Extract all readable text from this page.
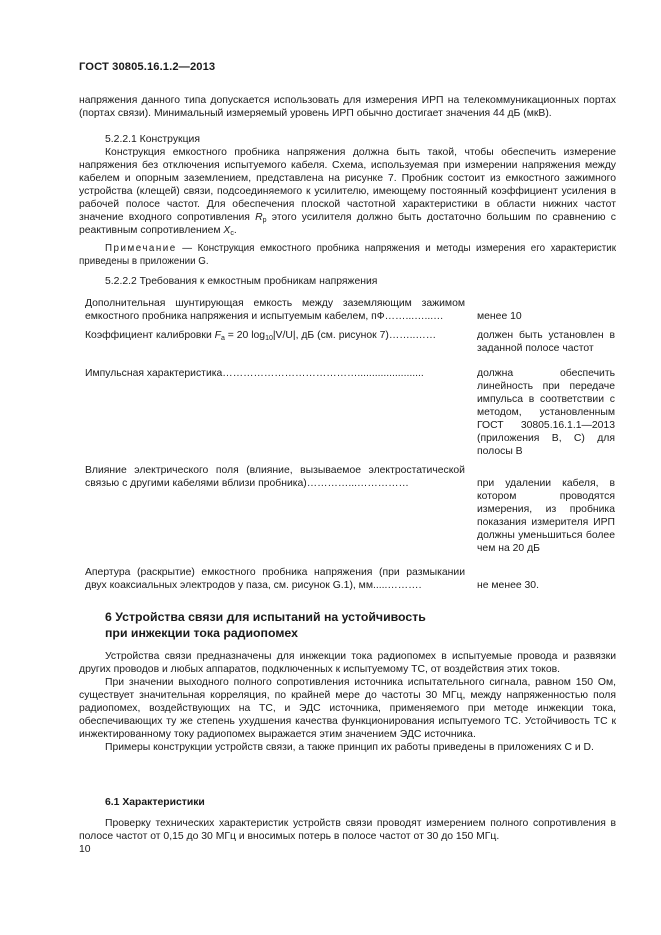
ГОСТ 30805.16.1.2—2013

напряжения данного типа допускается использовать для измерения ИРП на телекоммуникационных портах (портах связи). Минимальный измеряемый уровень ИРП обычно достигает значения 44 дБ (мкВ).

5.2.2.1 Конструкция

Конструкция емкостного пробника напряжения должна быть такой, чтобы обеспечить измерение напряжения без отключения испытуемого кабеля. Схема, используемая при измерении напряжения между кабелем и опорным заземлением, представлена на рисунке 7. Пробник состоит из емкостного зажимного устройства (клещей) связи, подсоединяемого к усилителю, имеющему постоянный коэффициент усиления в рабочей полосе частот. Для обеспечения плоской частотной характеристики в области нижних частот значение входного сопротивления $R_p$ этого усилителя должно быть достаточно большим по сравнению с реактивным сопротивлением $X_c$.

Примечание — Конструкция емкостного пробника напряжения и методы измерения его характеристик приведены в приложении G.
5.2.2.2 Требования к емкостным пробникам напряжения
Дополнительная шунтирующая емкость между заземляющим зажимом емкостного пробника напряжения и испытуемым кабелем, пФ……...…...…	менее 10
Коэффициент калибровки $F_a = 20$ $\log_{10}|V/U|$, дБ (см. рисунок 7)……..……	должен быть установлен в заданной полосе частот
Импульсная характеристика………………………………….......................	должна обеспечить линейность при передаче импульса в соответствии с методом, установленным ГОСТ 30805.16.1.1—2013 (приложения В, С) для полосы В
Влияние электрического поля (влияние, вызываемое электростатической связью с другими кабелями вблизи пробника)…………...……………	при удалении кабеля, в котором проводятся измерения, из пробника показания измерителя ИРП должны уменьшиться более чем на 20 дБ
Апертура (раскрытие) емкостного пробника напряжения (при размыкании двух коаксиальных электродов у паза, см. рисунок G.1), мм.....……….	не менее 30.
6 Устройства связи для испытаний на устойчивость
при инжекции тока радиопомех

Устройства связи предназначены для инжекции тока радиопомех в испытуемые провода и развязки других проводов и любых аппаратов, подключенных к испытуемому ТС, от воздействия этих токов.

При значении выходного полного сопротивления источника испытательного сигнала, равном 150 Ом, существует значительная корреляция, по крайней мере до частоты 30 МГц, между напряженностью поля радиопомех, воздействующих на ТС, и ЭДС источника, применяемого при методе инжекции тока, обеспечивающих ту же степень ухудшения качества функционирования испытуемого ТС. Устойчивость ТС к инжектированному току радиопомех выражается этим значением ЭДС источника.

Примеры конструкции устройств связи, а также принцип их работы приведены в приложениях С и D.

6.1 Характеристики

Проверку технических характеристик устройств связи проводят измерением полного сопротивления в полосе частот от 0,15 до 30 МГц и вносимых потерь в полосе частот от 30 до 150 МГц.

10
